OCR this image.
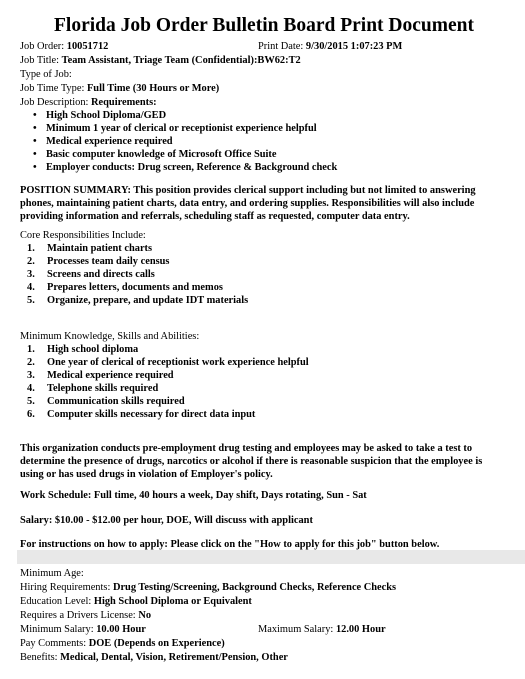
Florida Job Order Bulletin Board Print Document
Job Order: 10051712	Print Date: 9/30/2015 1:07:23 PM
Job Title: Team Assistant, Triage Team (Confidential):BW62:T2
Type of Job:
Job Time Type: Full Time (30 Hours or More)
Job Description: Requirements:
• High School Diploma/GED
• Minimum 1 year of clerical or receptionist experience helpful
• Medical experience required
• Basic computer knowledge of Microsoft Office Suite
• Employer conducts: Drug screen, Reference & Background check
POSITION SUMMARY: This position provides clerical support including but not limited to answering phones, maintaining patient charts, data entry, and ordering supplies. Responsibilities will also include providing information and referrals, scheduling staff as requested, computer data entry.
Core Responsibilities Include:
1. Maintain patient charts
2. Processes team daily census
3. Screens and directs calls
4. Prepares letters, documents and memos
5. Organize, prepare, and update IDT materials
Minimum Knowledge, Skills and Abilities:
1. High school diploma
2. One year of clerical of receptionist work experience helpful
3. Medical experience required
4. Telephone skills required
5. Communication skills required
6. Computer skills necessary for direct data input
This organization conducts pre-employment drug testing and employees may be asked to take a test to determine the presence of drugs, narcotics or alcohol if there is reasonable suspicion that the employee is using or has used drugs in violation of Employer's policy.
Work Schedule: Full time, 40 hours a week, Day shift, Days rotating, Sun - Sat
Salary: $10.00 - $12.00 per hour, DOE, Will discuss with applicant
For instructions on how to apply: Please click on the "How to apply for this job" button below.
Minimum Age:
Hiring Requirements: Drug Testing/Screening, Background Checks, Reference Checks
Education Level: High School Diploma or Equivalent
Requires a Drivers License: No
Minimum Salary: 10.00 Hour	Maximum Salary: 12.00 Hour
Pay Comments: DOE (Depends on Experience)
Benefits: Medical, Dental, Vision, Retirement/Pension, Other
